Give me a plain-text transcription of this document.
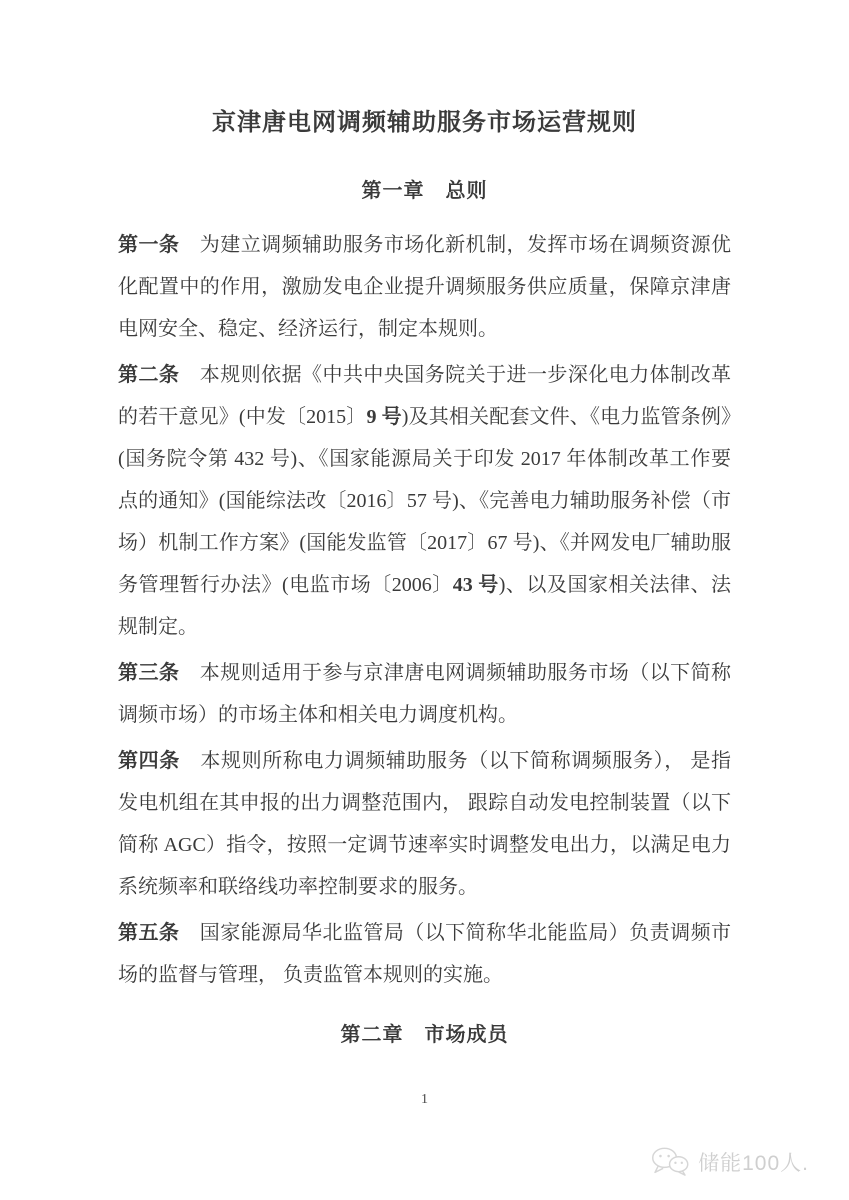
京津唐电网调频辅助服务市场运营规则

第一章　总则

第一条　为建立调频辅助服务市场化新机制，发挥市场在调频资源优化配置中的作用，激励发电企业提升调频服务供应质量，保障京津唐电网安全、稳定、经济运行，制定本规则。

第二条　本规则依据《中共中央国务院关于进一步深化电力体制改革的若干意见》(中发〔2015〕9 号)及其相关配套文件、《电力监管条例》(国务院令第 432 号)、《国家能源局关于印发 2017 年体制改革工作要点的通知》(国能综法改〔2016〕57 号)、《完善电力辅助服务补偿（市场）机制工作方案》(国能发监管〔2017〕67 号)、《并网发电厂辅助服务管理暂行办法》(电监市场〔2006〕43 号)、以及国家相关法律、法规制定。

第三条　本规则适用于参与京津唐电网调频辅助服务市场（以下简称调频市场）的市场主体和相关电力调度机构。

第四条　本规则所称电力调频辅助服务（以下简称调频服务）， 是指发电机组在其申报的出力调整范围内， 跟踪自动发电控制装置（以下简称 AGC）指令，按照一定调节速率实时调整发电出力，以满足电力系统频率和联络线功率控制要求的服务。

第五条　国家能源局华北监管局（以下简称华北能监局）负责调频市场的监督与管理， 负责监管本规则的实施。

第二章　市场成员

1
储能100人.
